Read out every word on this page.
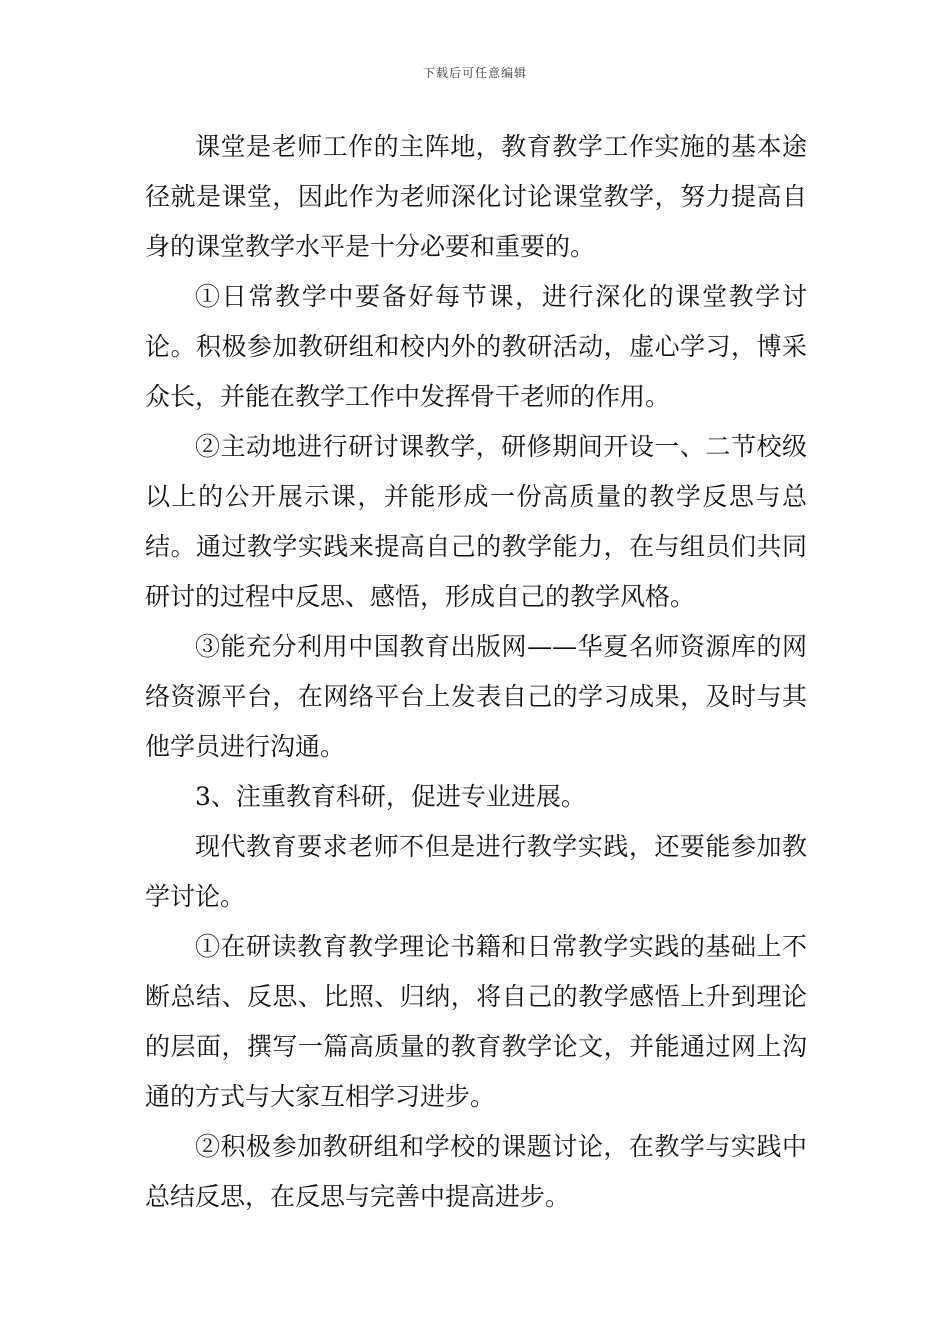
下载后可任意编辑

课堂是老师工作的主阵地，教育教学工作实施的基本途径就是课堂，因此作为老师深化讨论课堂教学，努力提高自身的课堂教学水平是十分必要和重要的。

①日常教学中要备好每节课，进行深化的课堂教学讨论。积极参加教研组和校内外的教研活动，虚心学习，博采众长，并能在教学工作中发挥骨干老师的作用。

②主动地进行研讨课教学，研修期间开设一、二节校级以上的公开展示课，并能形成一份高质量的教学反思与总结。通过教学实践来提高自己的教学能力，在与组员们共同研讨的过程中反思、感悟，形成自己的教学风格。

③能充分利用中国教育出版网——华夏名师资源库的网络资源平台，在网络平台上发表自己的学习成果，及时与其他学员进行沟通。

3、注重教育科研，促进专业进展。

现代教育要求老师不但是进行教学实践，还要能参加教学讨论。

①在研读教育教学理论书籍和日常教学实践的基础上不断总结、反思、比照、归纳，将自己的教学感悟上升到理论的层面，撰写一篇高质量的教育教学论文，并能通过网上沟通的方式与大家互相学习进步。

②积极参加教研组和学校的课题讨论，在教学与实践中总结反思，在反思与完善中提高进步。
